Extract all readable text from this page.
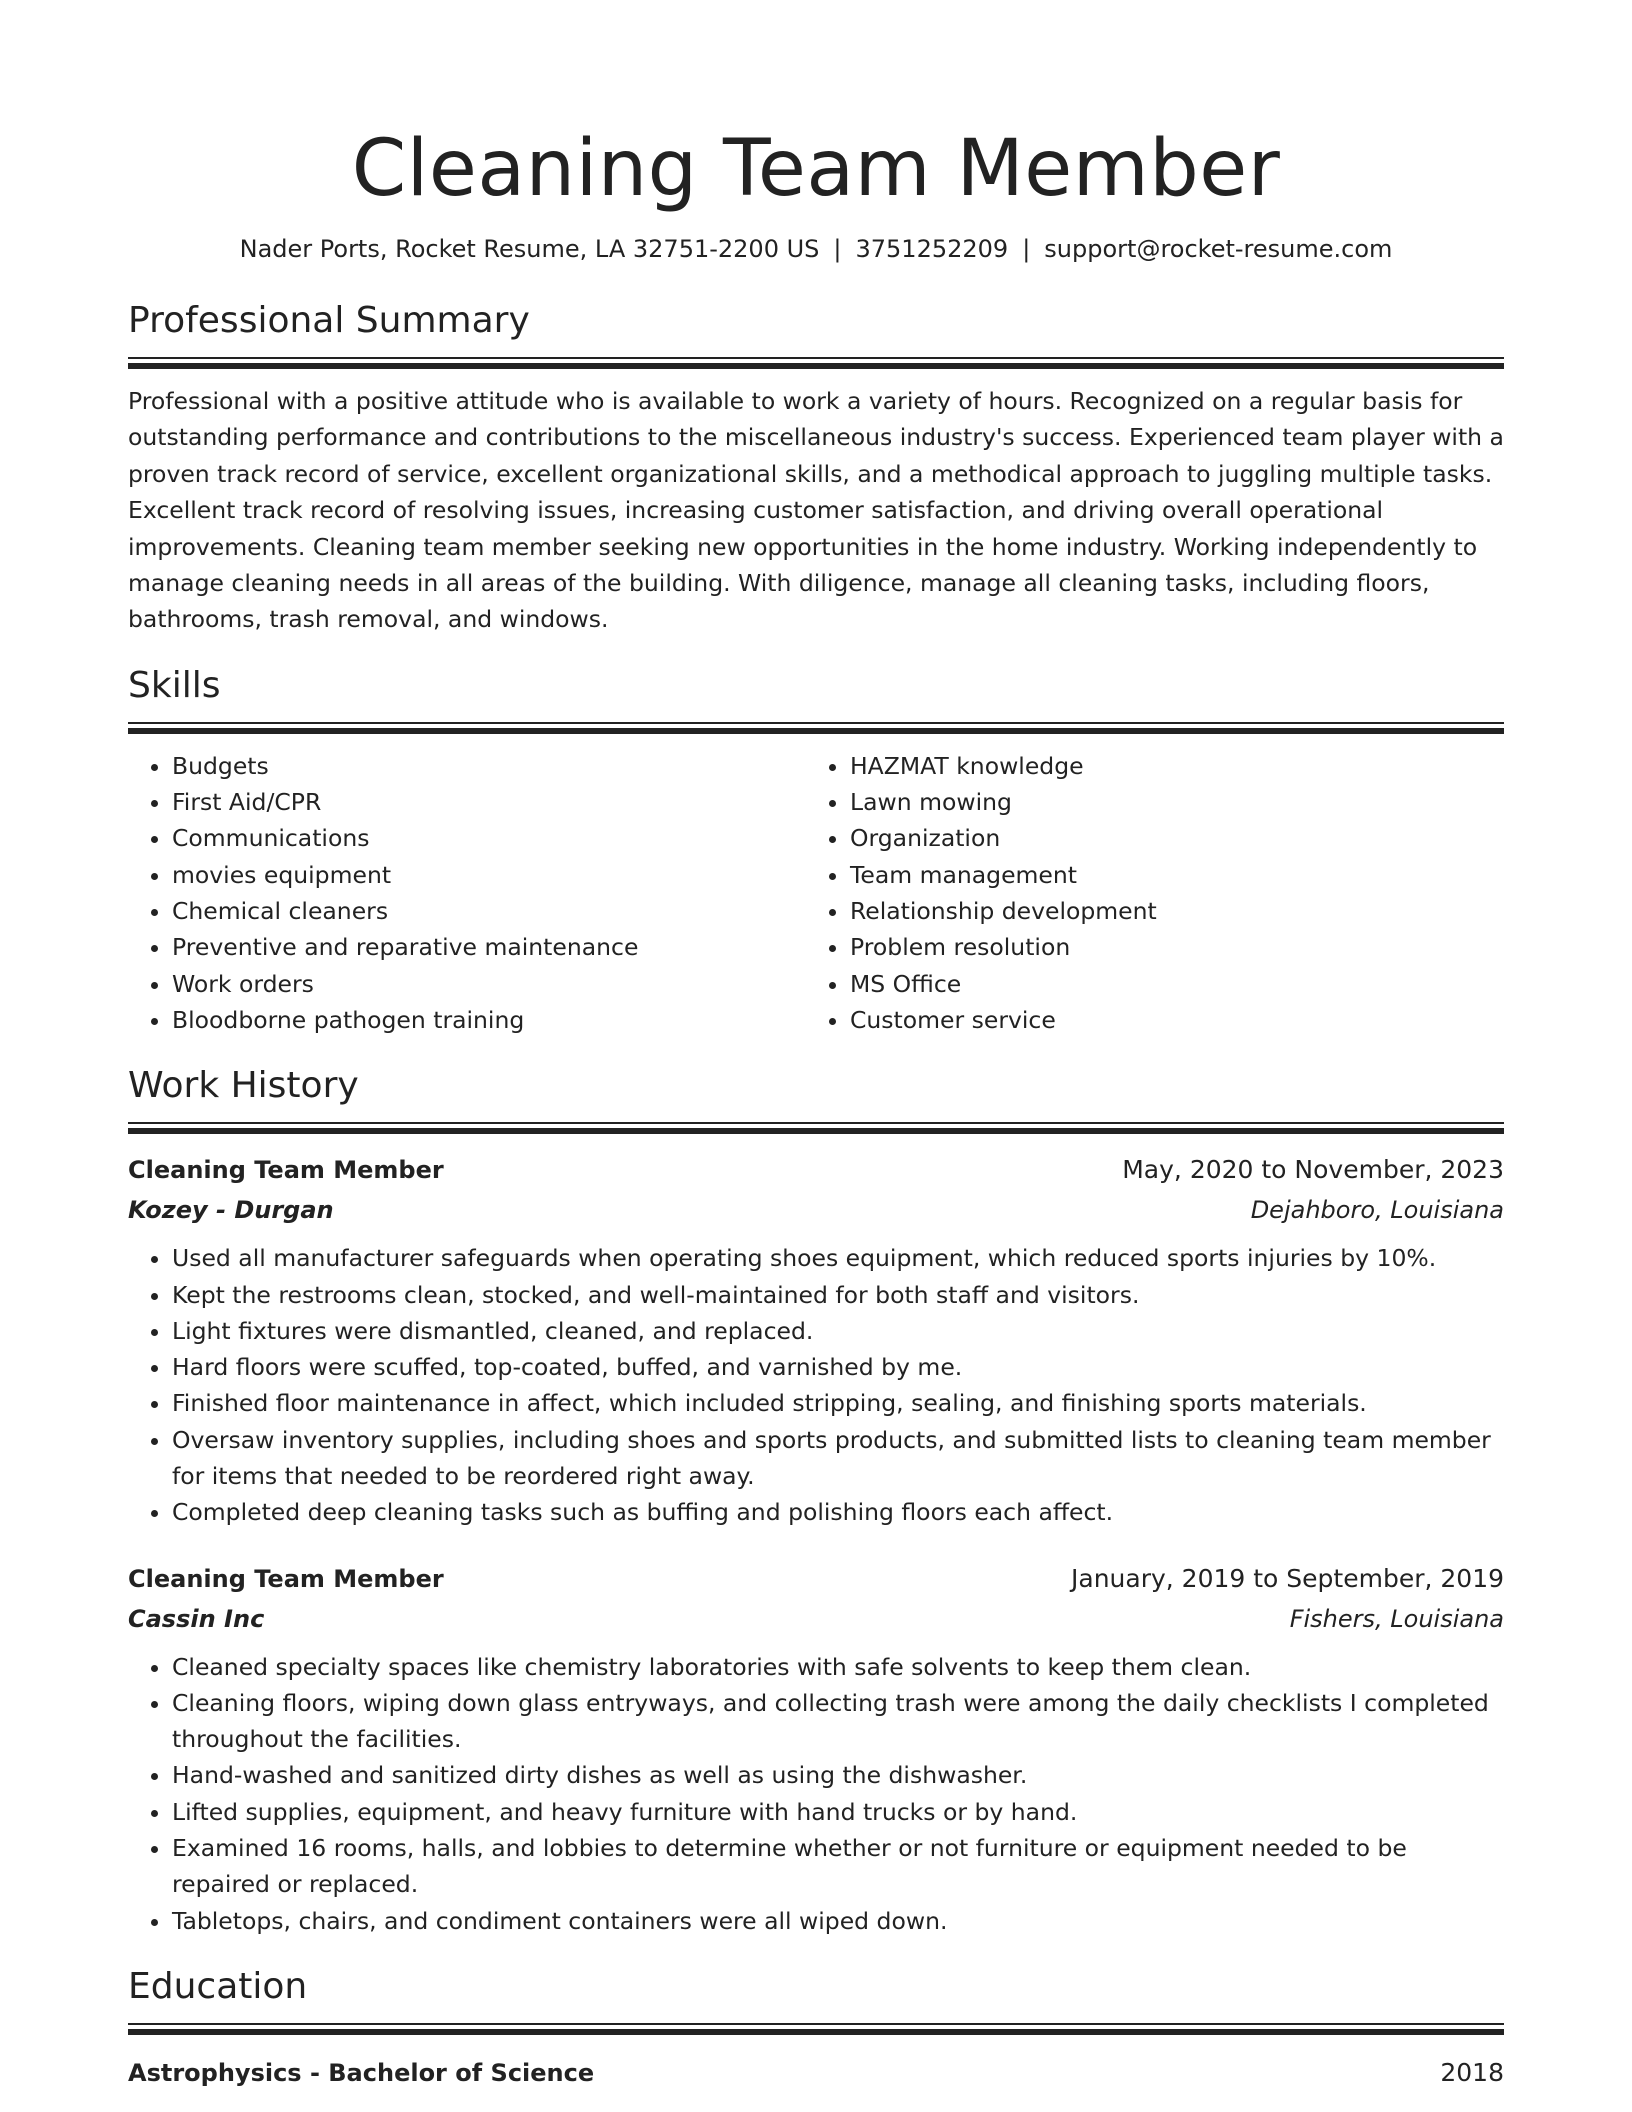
Cleaning Team Member
Nader Ports, Rocket Resume, LA 32751-2200 US | 3751252209 | support@rocket-resume.com
Professional Summary

Professional with a positive attitude who is available to work a variety of hours. Recognized on a regular basis for outstanding performance and contributions to the miscellaneous industry's success. Experienced team player with a proven track record of service, excellent organizational skills, and a methodical approach to juggling multiple tasks. Excellent track record of resolving issues, increasing customer satisfaction, and driving overall operational improvements. Cleaning team member seeking new opportunities in the home industry. Working independently to manage cleaning needs in all areas of the building. With diligence, manage all cleaning tasks, including floors, bathrooms, trash removal, and windows.

Skills
• Budgets
• First Aid/CPR
• Communications
• movies equipment
• Chemical cleaners
• Preventive and reparative maintenance
• Work orders
• Bloodborne pathogen training
• HAZMAT knowledge
• Lawn mowing
• Organization
• Team management
• Relationship development
• Problem resolution
• MS Office
• Customer service
Work History
Cleaning Team Member	May, 2020 to November, 2023
Kozey - Durgan	Dejahboro, Louisiana
• Used all manufacturer safeguards when operating shoes equipment, which reduced sports injuries by 10%.
• Kept the restrooms clean, stocked, and well-maintained for both staff and visitors.
• Light fixtures were dismantled, cleaned, and replaced.
• Hard floors were scuffed, top-coated, buffed, and varnished by me.
• Finished floor maintenance in affect, which included stripping, sealing, and finishing sports materials.
• Oversaw inventory supplies, including shoes and sports products, and submitted lists to cleaning team member for items that needed to be reordered right away.
• Completed deep cleaning tasks such as buffing and polishing floors each affect.
Cleaning Team Member	January, 2019 to September, 2019
Cassin Inc	Fishers, Louisiana
• Cleaned specialty spaces like chemistry laboratories with safe solvents to keep them clean.
• Cleaning floors, wiping down glass entryways, and collecting trash were among the daily checklists I completed throughout the facilities.
• Hand-washed and sanitized dirty dishes as well as using the dishwasher.
• Lifted supplies, equipment, and heavy furniture with hand trucks or by hand.
• Examined 16 rooms, halls, and lobbies to determine whether or not furniture or equipment needed to be repaired or replaced.
• Tabletops, chairs, and condiment containers were all wiped down.
Education
Astrophysics - Bachelor of Science	2018
